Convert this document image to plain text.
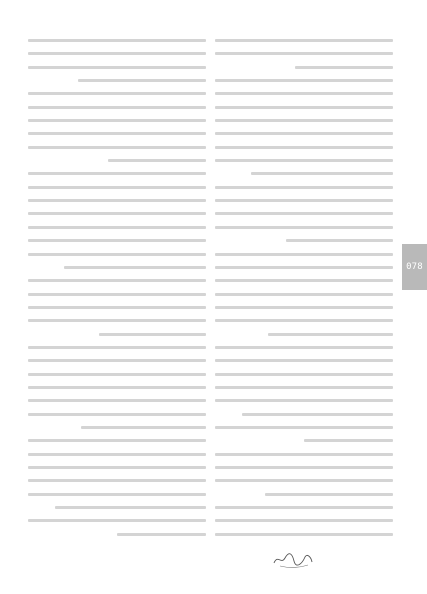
078
